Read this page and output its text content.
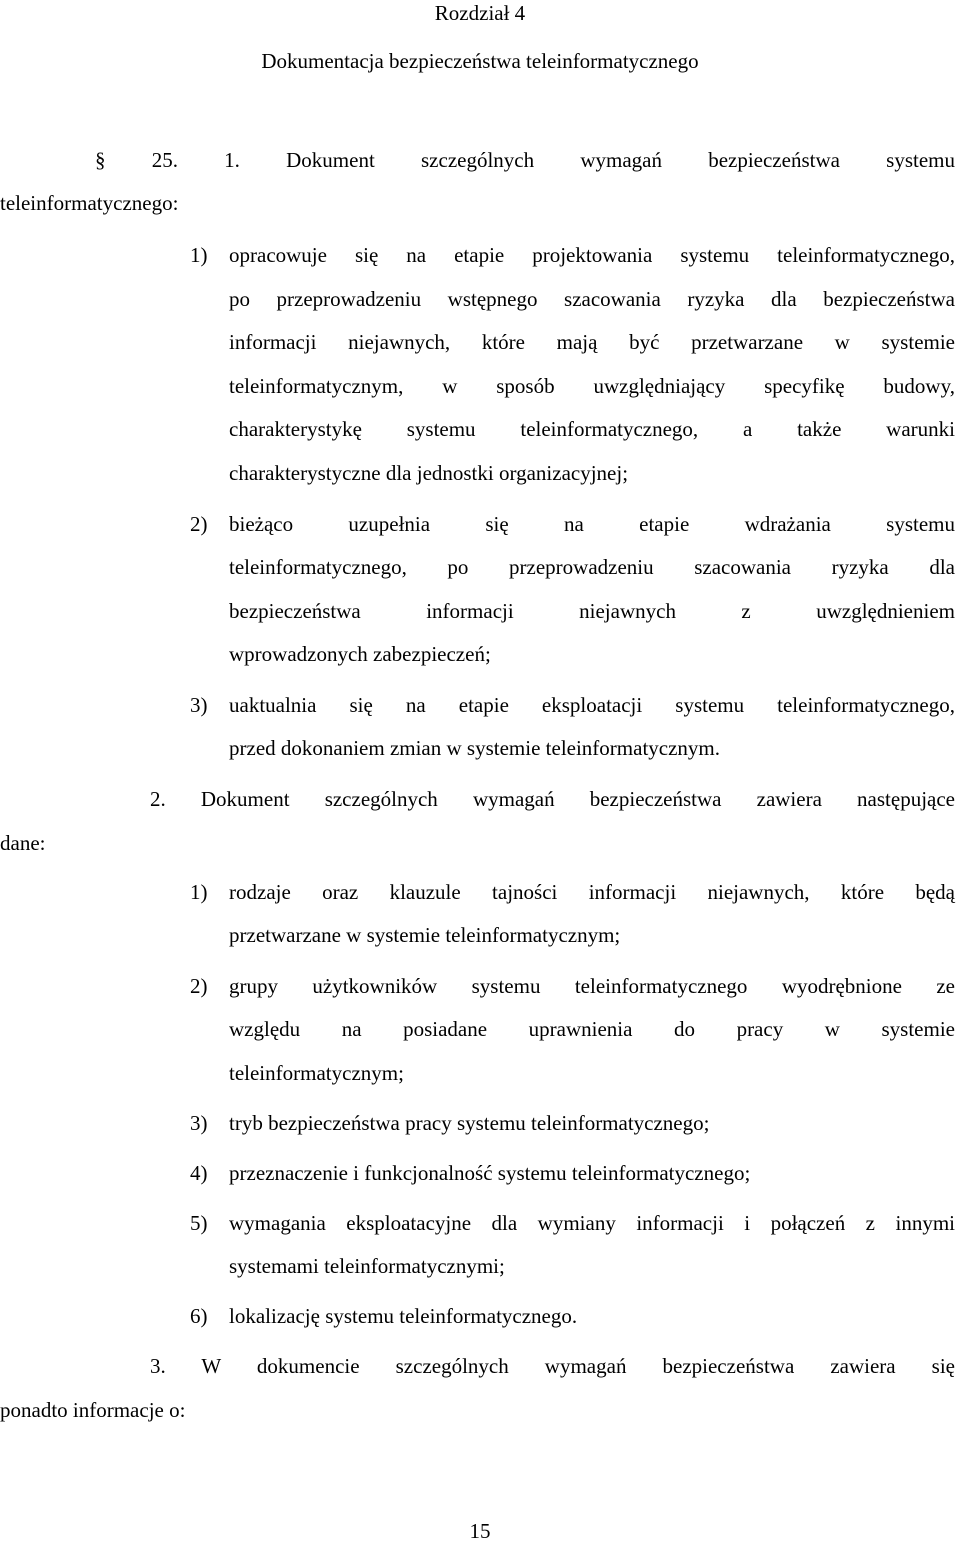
Rozdział 4

Dokumentacja bezpieczeństwa teleinformatycznego

§ 25. 1. Dokument szczególnych wymagań bezpieczeństwa systemu

teleinformatycznego:

1)	opracowuje się na etapie projektowania systemu teleinformatycznego,

po przeprowadzeniu wstępnego szacowania ryzyka dla bezpieczeństwa

informacji niejawnych, które mają być przetwarzane w systemie

teleinformatycznym, w sposób uwzględniający specyfikę budowy,

charakterystykę systemu teleinformatycznego, a także warunki

charakterystyczne dla jednostki organizacyjnej;

2)	bieżąco uzupełnia się na etapie wdrażania systemu

teleinformatycznego, po przeprowadzeniu szacowania ryzyka dla

bezpieczeństwa informacji niejawnych z uwzględnieniem

wprowadzonych zabezpieczeń;

3)	uaktualnia się na etapie eksploatacji systemu teleinformatycznego,

przed dokonaniem zmian w systemie teleinformatycznym.

2. Dokument szczególnych wymagań bezpieczeństwa zawiera następujące

dane:

1)	rodzaje oraz klauzule tajności informacji niejawnych, które będą

przetwarzane w systemie teleinformatycznym;

2)	grupy użytkowników systemu teleinformatycznego wyodrębnione ze

względu na posiadane uprawnienia do pracy w systemie

teleinformatycznym;

3)	tryb bezpieczeństwa pracy systemu teleinformatycznego;

4)	przeznaczenie i funkcjonalność systemu teleinformatycznego;

5)	wymagania eksploatacyjne dla wymiany informacji i połączeń z innymi

systemami teleinformatycznymi;

6)	lokalizację systemu teleinformatycznego.

3. W dokumencie szczególnych wymagań bezpieczeństwa zawiera się

ponadto informacje o:

15
